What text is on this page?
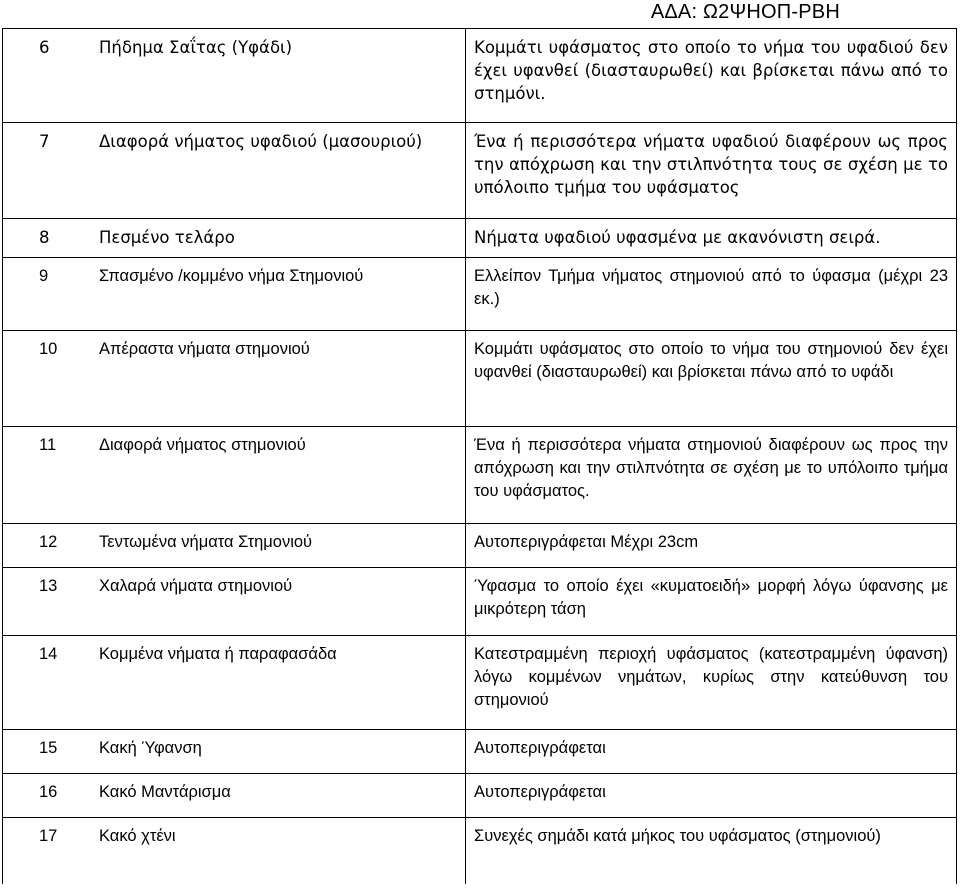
ΑΔΑ: Ω2ΨΗΟΠ-ΡΒΗ
6	Πήδημα Σαΐτας (Υφάδι)	Κομμάτι υφάσματος στο οποίο το νήμα του υφαδιού δεν έχει υφανθεί (διασταυρωθεί) και βρίσκεται πάνω από το στημόνι.
7	Διαφορά νήματος υφαδιού (μασουριού)	Ένα ή περισσότερα νήματα υφαδιού διαφέρουν ως προς την απόχρωση και την στιλπνότητα τους σε σχέση με το υπόλοιπο τμήμα του υφάσματος
8	Πεσμένο τελάρο	Νήματα υφαδιού υφασμένα με ακανόνιστη σειρά.
9	Σπασμένο /κομμένο νήμα Στημονιού	Ελλείπον Τμήμα νήματος στημονιού από το ύφασμα (μέχρι 23 εκ.)
10	Απέραστα νήματα στημονιού	Κομμάτι υφάσματος στο οποίο το νήμα του στημονιού δεν έχει υφανθεί (διασταυρωθεί) και βρίσκεται πάνω από το υφάδι
11	Διαφορά νήματος στημονιού	Ένα ή περισσότερα νήματα στημονιού διαφέρουν ως προς την απόχρωση και την στιλπνότητα σε σχέση με το υπόλοιπο τμήμα του υφάσματος.
12	Τεντωμένα νήματα Στημονιού	Αυτοπεριγράφεται Μέχρι 23cm
13	Χαλαρά νήματα στημονιού	Ύφασμα το οποίο έχει «κυματοειδή» μορφή λόγω ύφανσης με μικρότερη τάση
14	Κομμένα νήματα ή παραφασάδα	Κατεστραμμένη περιοχή υφάσματος (κατεστραμμένη ύφανση) λόγω κομμένων νημάτων, κυρίως στην κατεύθυνση του στημονιού
15	Κακή Ύφανση	Αυτοπεριγράφεται
16	Κακό Μαντάρισμα	Αυτοπεριγράφεται
17	Κακό χτένι	Συνεχές σημάδι κατά μήκος του υφάσματος (στημονιού)
